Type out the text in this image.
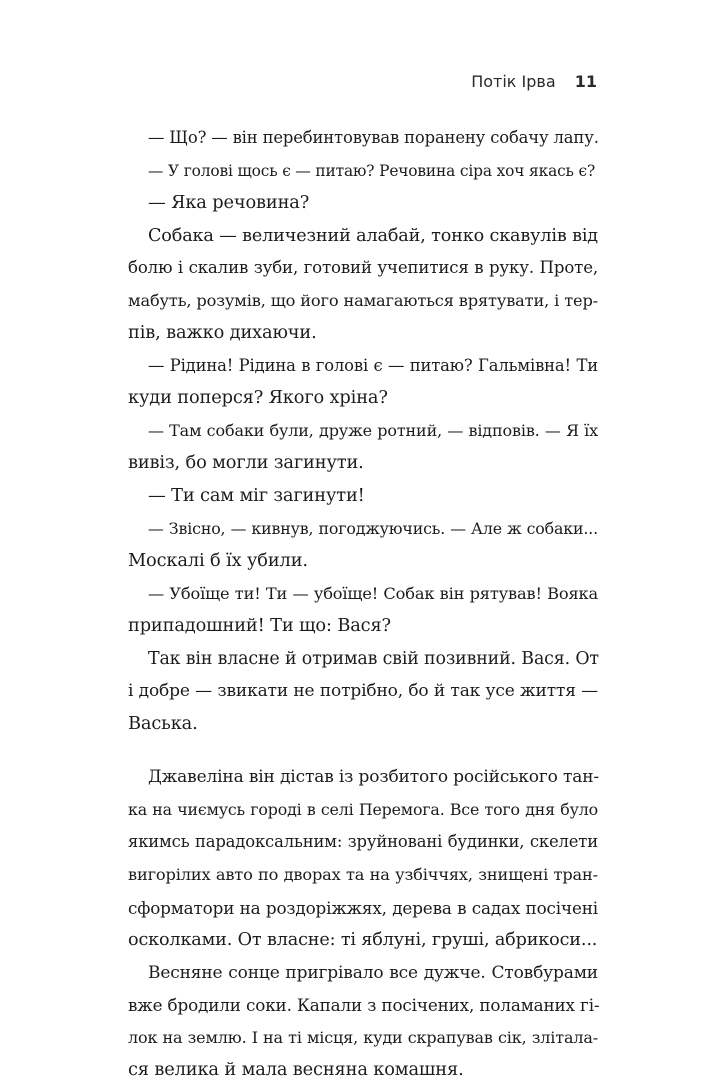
Потік Ірва 11
— Що? — він перебинтовував поранену собачу лапу.
— У голові щось є — питаю? Речовина сіра хоч якась є?
— Яка речовина?
Собака — величезний алабай, тонко скавулів від
болю і скалив зуби, готовий учепитися в руку. Проте,
мабуть, розумів, що його намагаються врятувати, і тер-
пів, важко дихаючи.
— Рідина! Рідина в голові є — питаю? Гальмівна! Ти
куди поперся? Якого хріна?
— Там собаки були, друже ротний, — відповів. — Я їх
вивіз, бо могли загинути.
— Ти сам міг загинути!
— Звісно, — кивнув, погоджуючись. — Але ж собаки...
Москалі б їх убили.
— Убоїще ти! Ти — убоїще! Собак він рятував! Вояка
припадошний! Ти що: Вася?
Так він власне й отримав свій позивний. Вася. От
і добре — звикати не потрібно, бо й так усе життя —
Васька.
Джавеліна він дістав із розбитого російського тан-
ка на чиємусь городі в селі Перемога. Все того дня було
якимсь парадоксальним: зруйновані будинки, скелети
вигорілих авто по дворах та на узбіччях, знищені тран-
сформатори на роздоріжжях, дерева в садах посічені
осколками. От власне: ті яблуні, груші, абрикоси...
Весняне сонце пригрівало все дужче. Стовбурами
вже бродили соки. Капали з посічених, поламаних гі-
лок на землю. І на ті місця, куди скрапував сік, злітала-
ся велика й мала весняна комашня.
